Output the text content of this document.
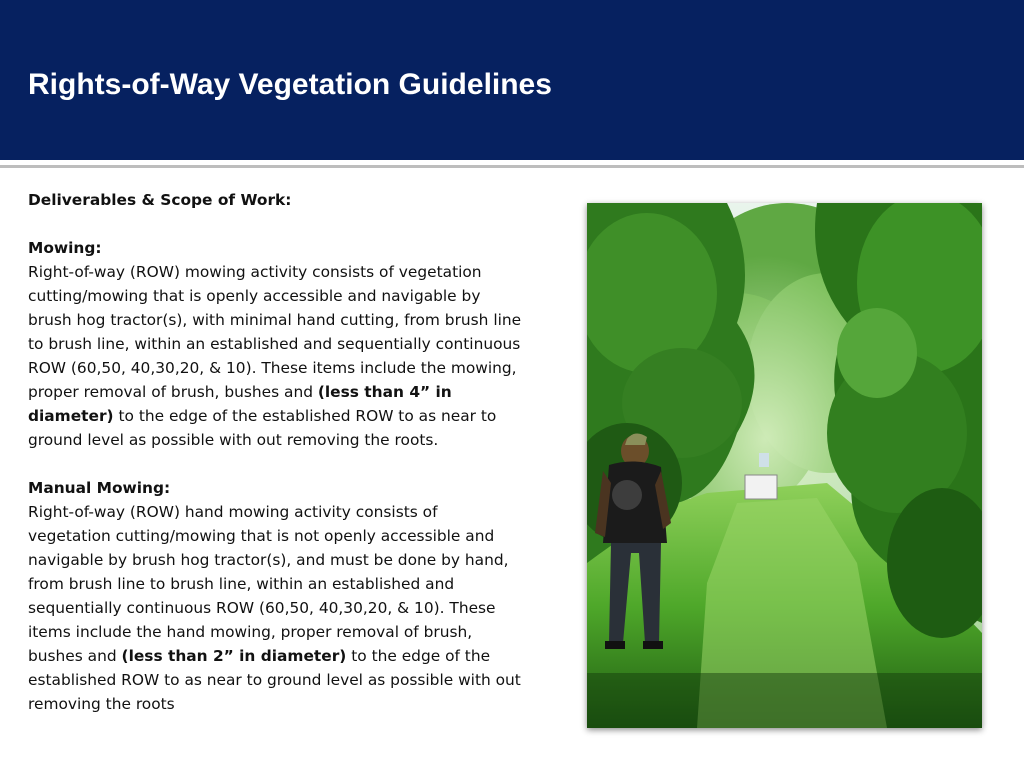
Rights-of-Way Vegetation Guidelines

Deliverables & Scope of Work:

Mowing:

Right-of-way (ROW) mowing activity consists of vegetation cutting/mowing that is openly accessible and navigable by brush hog tractor(s), with minimal hand cutting, from brush line to brush line, within an established and sequentially continuous ROW (60,50, 40,30,20, & 10). These items include the mowing, proper removal of brush, bushes and (less than 4” in diameter) to the edge of the established ROW to as near to ground level as possible with out removing the roots.

Manual Mowing:

Right-of-way (ROW) hand mowing activity consists of vegetation cutting/mowing that is not openly accessible and navigable by brush hog tractor(s), and must be done by hand, from brush line to brush line, within an established and sequentially continuous ROW (60,50, 40,30,20, & 10). These items include the hand mowing, proper removal of brush, bushes and (less than 2” in diameter) to the edge of the established ROW to as near to ground level as possible with out removing the roots
